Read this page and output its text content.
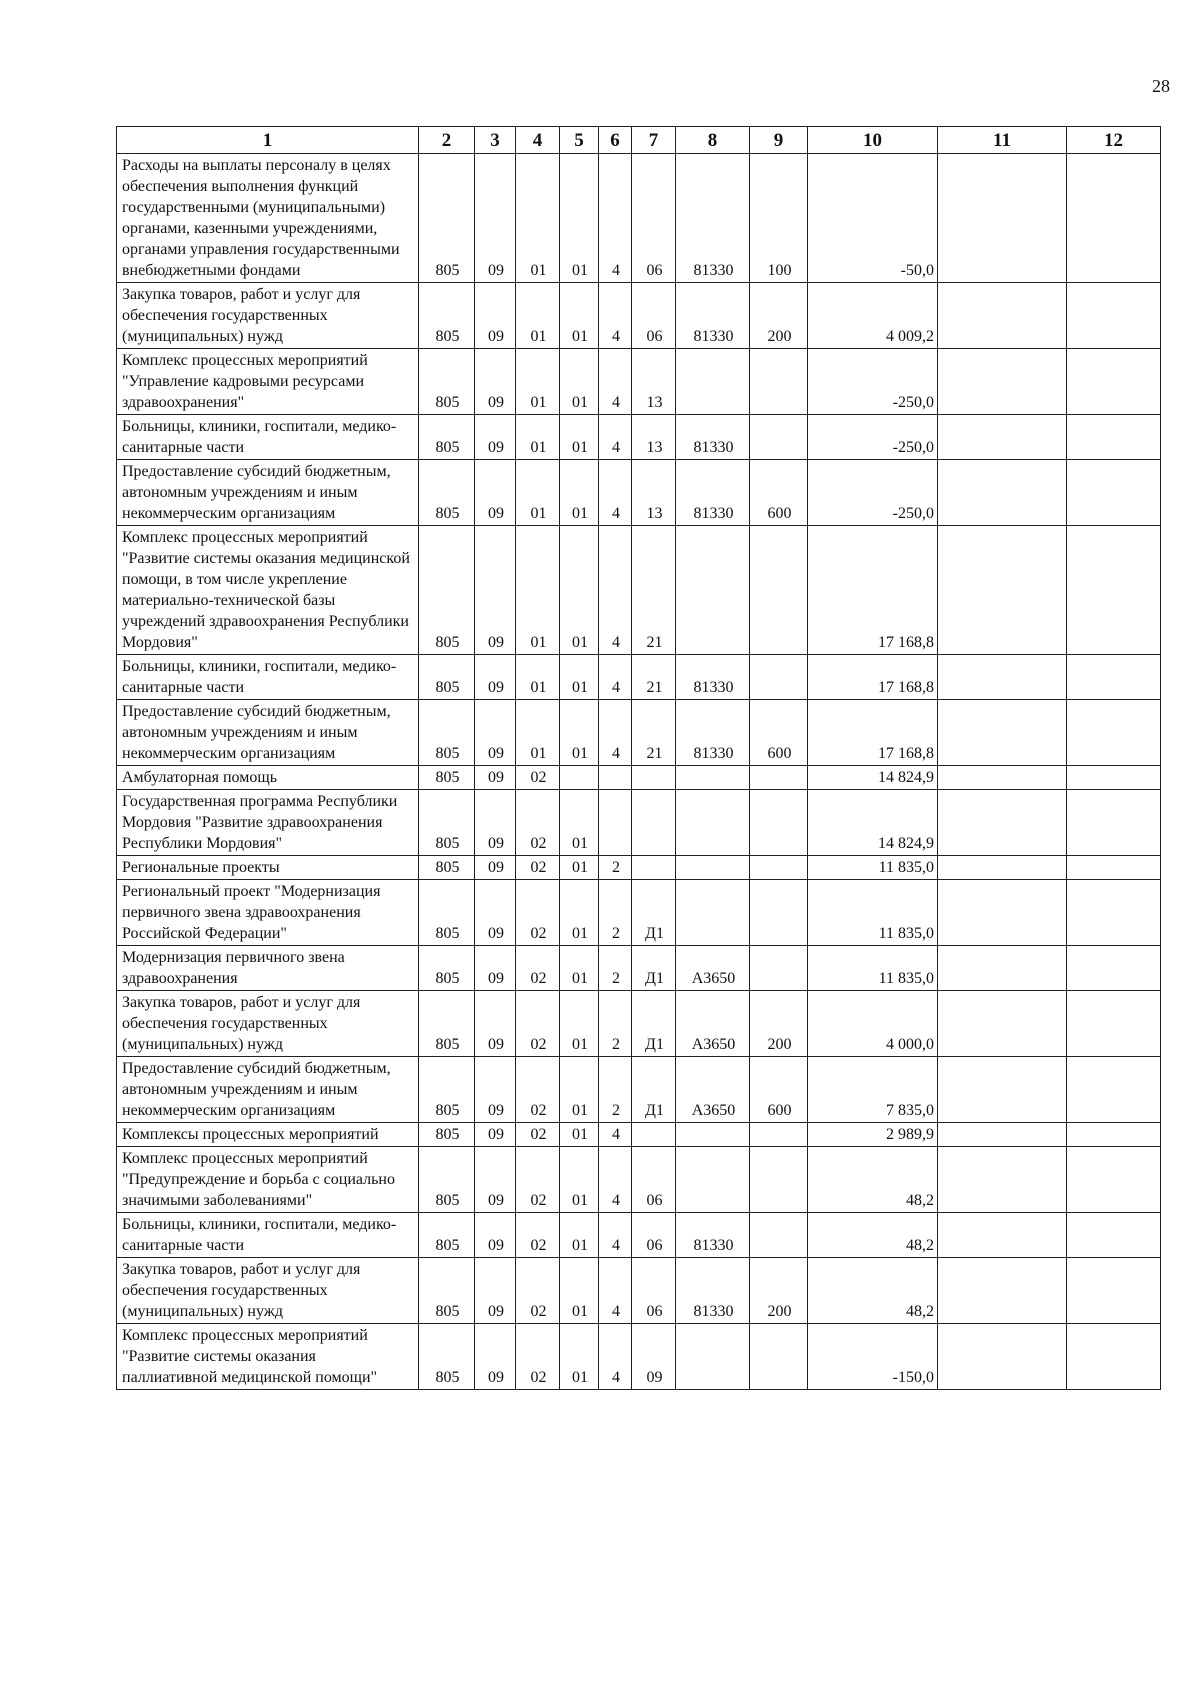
28
1	2	3	4	5	6	7	8	9	10	11	12
Расходы на выплаты персоналу в целях обеспечения выполнения функций государственными (муниципальными) органами, казенными учреждениями, органами управления государственными внебюджетными фондами	805	09	01	01	4	06	81330	100	-50,0		
Закупка товаров, работ и услуг для обеспечения государственных (муниципальных) нужд	805	09	01	01	4	06	81330	200	4 009,2		
Комплекс процессных мероприятий "Управление кадровыми ресурсами здравоохранения"	805	09	01	01	4	13			-250,0		
Больницы, клиники, госпитали, медико-санитарные части	805	09	01	01	4	13	81330		-250,0		
Предоставление субсидий бюджетным, автономным учреждениям и иным некоммерческим организациям	805	09	01	01	4	13	81330	600	-250,0		
Комплекс процессных мероприятий "Развитие системы оказания медицинской помощи, в том числе укрепление материально-технической базы учреждений здравоохранения Республики Мордовия"	805	09	01	01	4	21			17 168,8		
Больницы, клиники, госпитали, медико-санитарные части	805	09	01	01	4	21	81330		17 168,8		
Предоставление субсидий бюджетным, автономным учреждениям и иным некоммерческим организациям	805	09	01	01	4	21	81330	600	17 168,8		
Амбулаторная помощь	805	09	02						14 824,9		
Государственная программа Республики Мордовия "Развитие здравоохранения Республики Мордовия"	805	09	02	01					14 824,9		
Региональные проекты	805	09	02	01	2				11 835,0		
Региональный проект "Модернизация первичного звена здравоохранения Российской Федерации"	805	09	02	01	2	Д1			11 835,0		
Модернизация первичного звена здравоохранения	805	09	02	01	2	Д1	А3650		11 835,0		
Закупка товаров, работ и услуг для обеспечения государственных (муниципальных) нужд	805	09	02	01	2	Д1	А3650	200	4 000,0		
Предоставление субсидий бюджетным, автономным учреждениям и иным некоммерческим организациям	805	09	02	01	2	Д1	А3650	600	7 835,0		
Комплексы процессных мероприятий	805	09	02	01	4				2 989,9		
Комплекс процессных мероприятий "Предупреждение и борьба с социально значимыми заболеваниями"	805	09	02	01	4	06			48,2		
Больницы, клиники, госпитали, медико-санитарные части	805	09	02	01	4	06	81330		48,2		
Закупка товаров, работ и услуг для обеспечения государственных (муниципальных) нужд	805	09	02	01	4	06	81330	200	48,2		
Комплекс процессных мероприятий "Развитие системы оказания паллиативной медицинской помощи"	805	09	02	01	4	09			-150,0		
